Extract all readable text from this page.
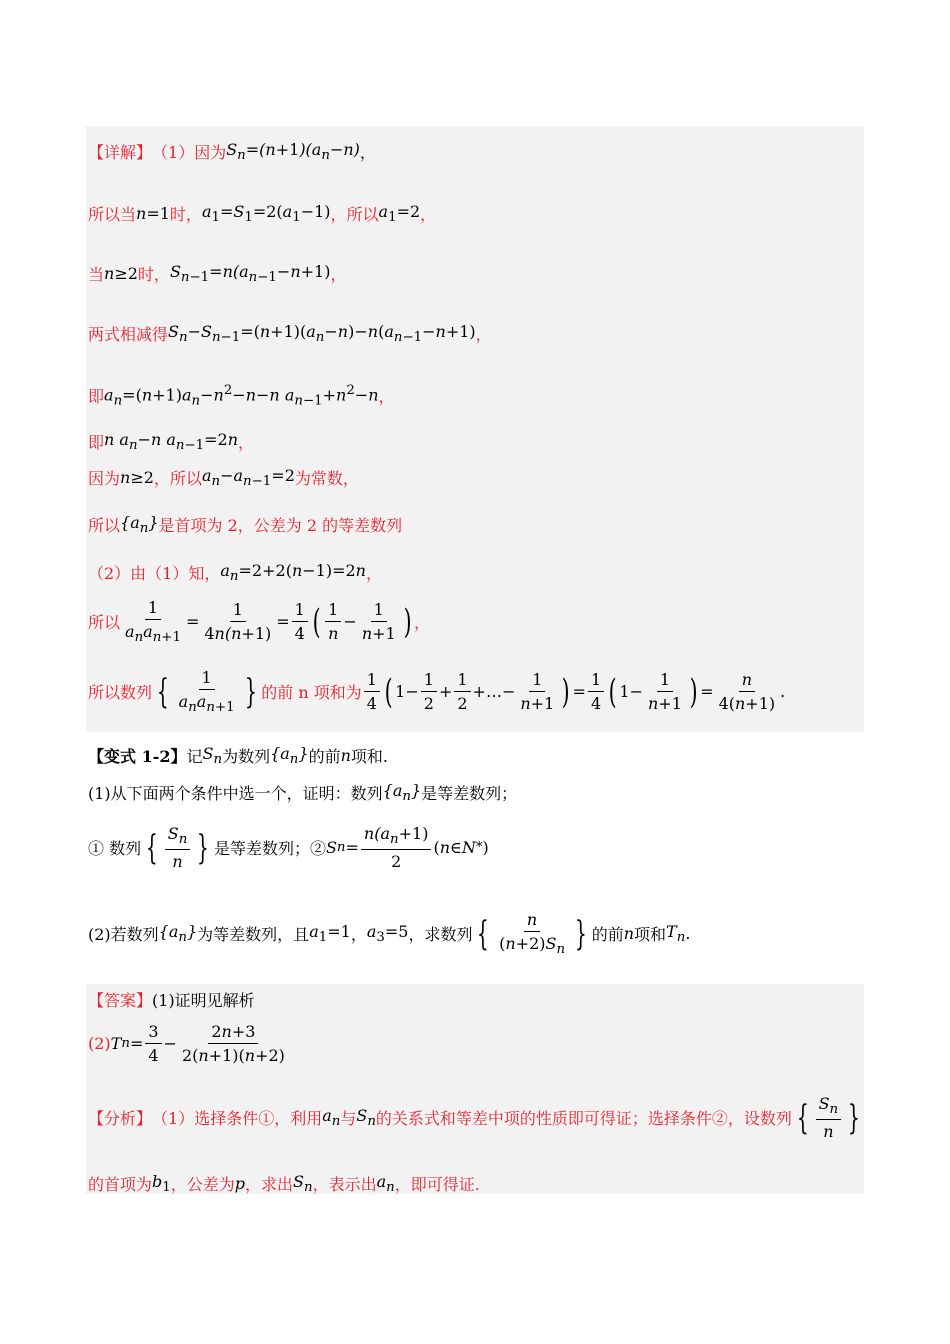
【详解】 （1）因为 $S_n=(n+1)(a_n-n)$ ，
所以当 n=1 时， $a_1=S_1=2(a_1-1)$ ，所以 $a_1=2$ ，
当 n≥2 时， $S_{n-1}=n(a_{n-1}-n+1)$ ，
两式相减得 $S_n-S_{n-1}=(n+1)(a_n-n)-n(a_{n-1}-n+1)$ ，
即 $a_n=(n+1)a_n-n^2-n-n$ $a_{n-1}+n^2-n$ ，
即 n $a_n-n$ $a_{n-1}=2n$ ，
因为 n≥2 ，所以 $a_n-a_{n-1}=2$ 为常数，
所以 $\{a_n\}$ 是首项为 2，公差为 2 的等差数列
（2）由（1）知， $a_n=2+2(n-1)=2n$ ，
所以 $\frac{1}{a_na_{n+1}} = \frac{1}{4n(n+1)} = \frac{1}{4}$ ( $\frac{1}{n} - \frac{1}{n+1}$ ) ，
所以数列 { $\frac{1}{a_na_{n+1}}$ } 的前 n 项和为 $\frac{1}{4}$ ( $1- \frac{1}{2} + \frac{1}{2}$ +…− $\frac{1}{n+1}$ ) = $\frac{1}{4}$ ( $1- \frac{1}{n+1}$ ) = $\frac{n}{4(n+1)}$ .
【变式 1-2】 记 $S_n$ 为数列 $\{a_n\}$ 的前 n 项和.
(1)从下面两个条件中选一个，证明：数列 $\{a_n\}$ 是等差数列；
① 数列 { $\frac{S_n}{n}$ } 是等差数列；② S $n = \frac{n(a_n+1)}{2}$ ( n ∈ N * )
(2)若数列 $\{a_n\}$ 为等差数列，且 $a_1=1$ ， $a_3=5$ ，求数列 { $\frac{n}{(n+2)S_n}$ } 的前 n 项和 $T_n$ .
【答案】 (1)证明见解析
(2) T $n = \frac{3}{4} - \frac{2n+3}{2(n+1)(n+2)}$
【分析】 （1）选择条件①，利用 $a_n$ 与 $S_n$ 的关系式和等差中项的性质即可得证；选择条件②，设数列 { $\frac{S_n}{n}$ }
的首项为 $b_1$ ，公差为 p ，求出 $S_n$ ，表示出 $a_n$ ，即可得证.
